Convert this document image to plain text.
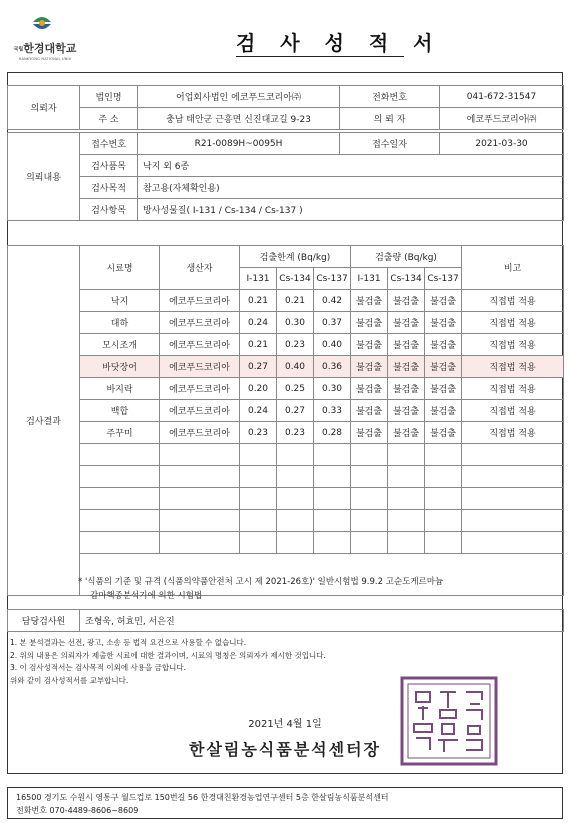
국립한경대학교
HANKYONG NATIONAL UNIV
검 사 성 적 서
의뢰자	법인명	어업회사법인 에코푸드코리아㈜	전화번호	041-672-31547
	주 소	충남 태안군 근흥면 신진대교길 9-23	의 뢰 자	에코푸드코리아㈜
의뢰내용	접수번호	R21-0089H~0095H	접수일자	2021-03-30
	검사품목	낙지 외 6종		
	검사목적	참고용(자체확인용)		
	검사항목	방사성물질( I-131 / Cs-134 / Cs-137 )		
검사결과	시료명	생산자	검출한계 (Bq/kg)			검출량 (Bq/kg)			비고
			I-131	Cs-134	Cs-137	I-131	Cs-134	Cs-137	
	낙지	에코푸드코리아	0.21	0.21	0.42	불검출	불검출	불검출	직접법 적용
	대하	에코푸드코리아	0.24	0.30	0.37	불검출	불검출	불검출	직접법 적용
	모시조개	에코푸드코리아	0.21	0.23	0.40	불검출	불검출	불검출	직접법 적용
	바닷장어	에코푸드코리아	0.27	0.40	0.36	불검출	불검출	불검출	직접법 적용
	바지락	에코푸드코리아	0.20	0.25	0.30	불검출	불검출	불검출	직접법 적용
	백합	에코푸드코리아	0.24	0.27	0.33	불검출	불검출	불검출	직접법 적용
	주꾸미	에코푸드코리아	0.23	0.23	0.28	불검출	불검출	불검출	직접법 적용

* '식품의 기준 및 규격 (식품의약품안전처 고시 제 2021-26호)' 일반시험법 9.9.2 고순도게르마늄
감마핵종분석기에 의한 시험법
담당검사원	조형욱, 허효민, 서은진
1. 본 분석결과는 선전, 광고, 소송 등 법적 요건으로 사용할 수 없습니다.
2. 위의 내용은 의뢰자가 제출한 시료에 대한 결과이며, 시료의 명칭은 의뢰자가 제시한 것입니다.
3. 이 검사성적서는 검사목적 이외에 사용을 금합니다.
위와 같이 검사성적서를 교부합니다.
2021년 4월 1일
한살림농식품분석센터장
16500 경기도 수원시 영통구 월드컵로 150번길 56 한경대친환경농업연구센터 5층 한살림농식품분석센터
전화번호 070-4489-8606~8609
